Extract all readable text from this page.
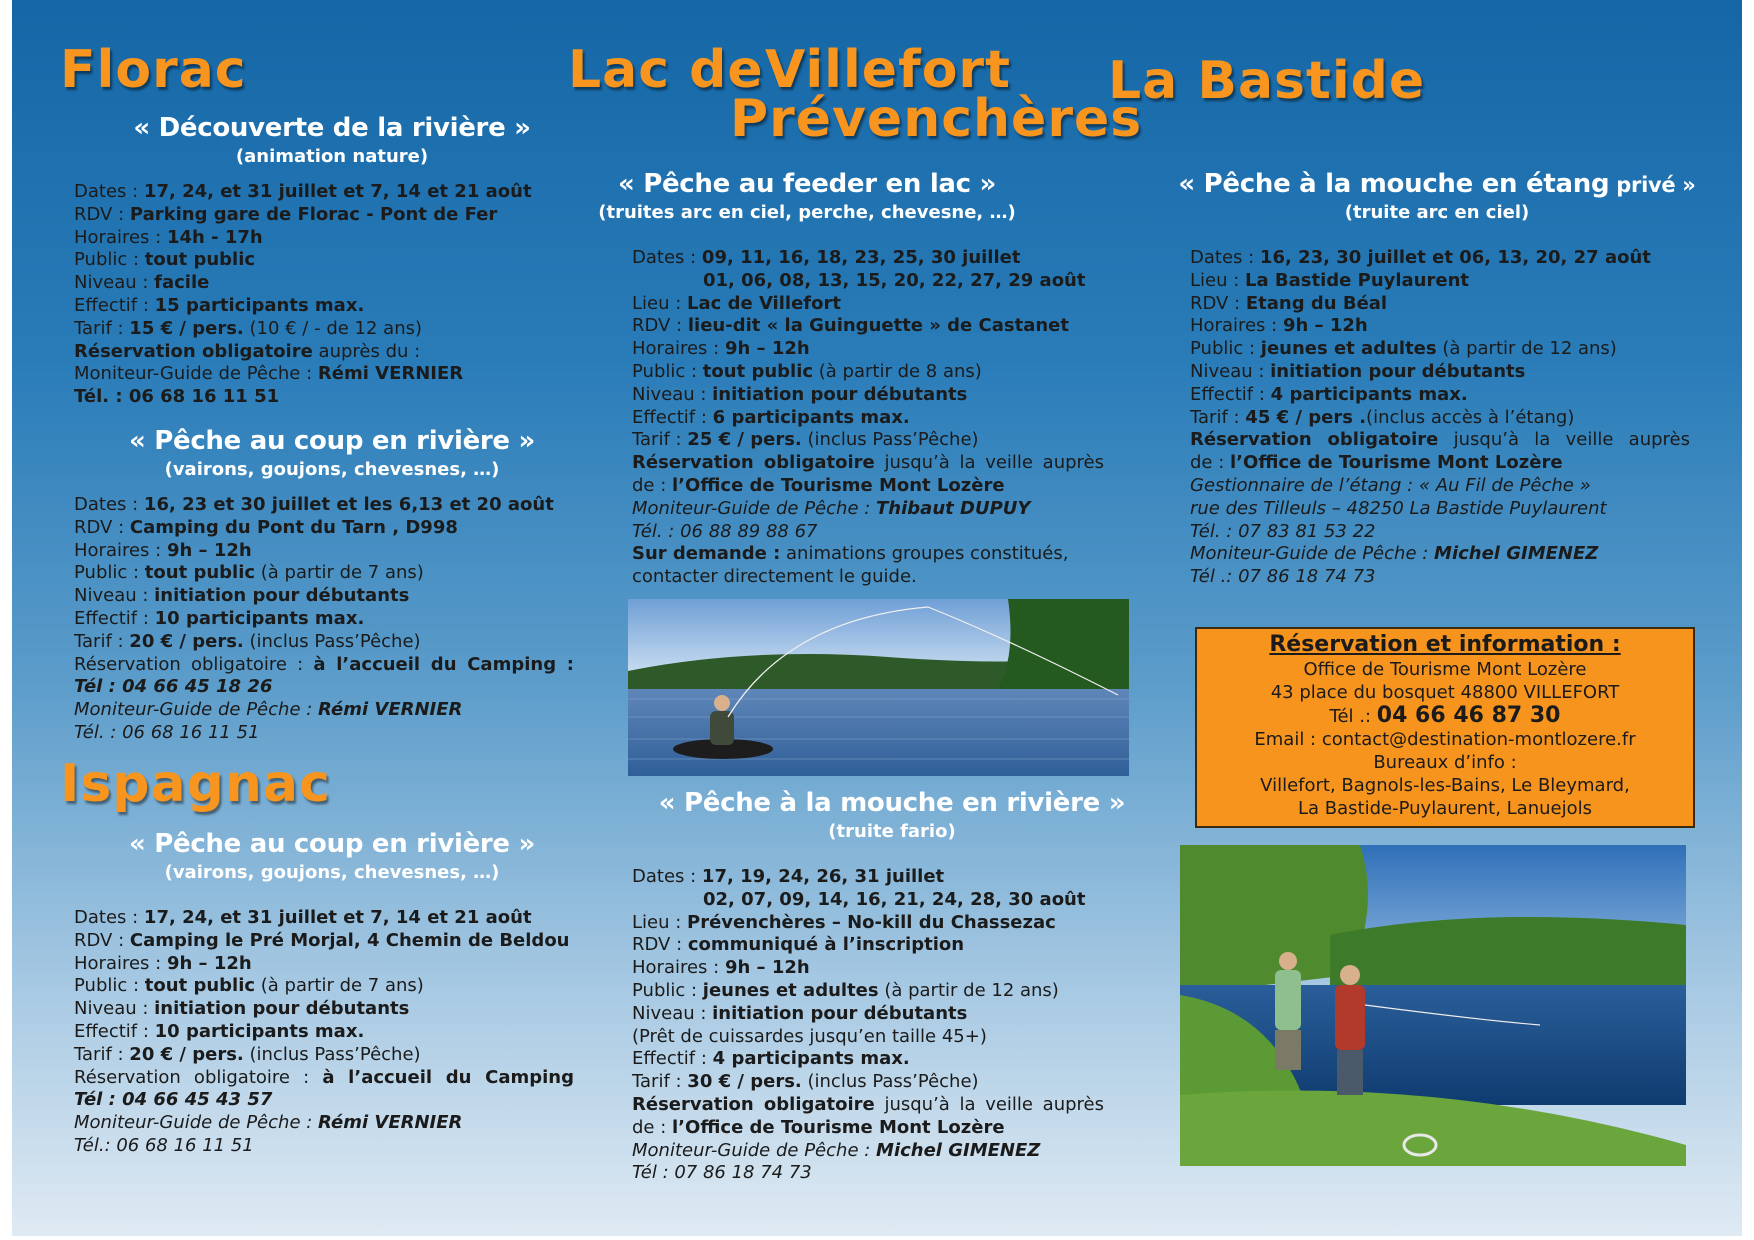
Florac	Lac de Villefort
Prévenchères
La Bastide
Ispagnac
« Découverte de la rivière »
(animation nature)
Dates : 17, 24, et 31 juillet et 7, 14 et 21 août
RDV : Parking gare de Florac - Pont de Fer
Horaires : 14h - 17h
Public : tout public
Niveau : facile
Effectif : 15 participants max.
Tarif : 15 € / pers. (10 € / - de 12 ans)
Réservation obligatoire auprès du :
Moniteur-Guide de Pêche : Rémi VERNIER
Tél. : 06 68 16 11 51
« Pêche au coup en rivière »
(vairons, goujons, chevesnes, …)
Dates : 16, 23 et 30 juillet et les 6,13 et 20 août
RDV : Camping du Pont du Tarn , D998
Horaires : 9h – 12h
Public : tout public (à partir de 7 ans)
Niveau : initiation pour débutants
Effectif : 10 participants max.
Tarif : 20 € / pers. (inclus Pass’Pêche)
Réservation obligatoire : à l’accueil du Camping :
Tél : 04 66 45 18 26
Moniteur-Guide de Pêche : Rémi VERNIER
Tél. : 06 68 16 11 51
« Pêche au coup en rivière »
(vairons, goujons, chevesnes, …)
Dates : 17, 24, et 31 juillet et 7, 14 et 21 août
RDV : Camping le Pré Morjal, 4 Chemin de Beldou
Horaires : 9h – 12h
Public : tout public (à partir de 7 ans)
Niveau : initiation pour débutants
Effectif : 10 participants max.
Tarif : 20 € / pers. (inclus Pass’Pêche)
Réservation obligatoire : à l’accueil du Camping
Tél : 04 66 45 43 57
Moniteur-Guide de Pêche : Rémi VERNIER
Tél.: 06 68 16 11 51
« Pêche au feeder en lac »
(truites arc en ciel, perche, chevesne, …)
Dates : 09, 11, 16, 18, 23, 25, 30 juillet
01, 06, 08, 13, 15, 20, 22, 27, 29 août
Lieu : Lac de Villefort
RDV : lieu-dit « la Guinguette » de Castanet
Horaires : 9h – 12h
Public : tout public (à partir de 8 ans)
Niveau : initiation pour débutants
Effectif : 6 participants max.
Tarif : 25 € / pers. (inclus Pass’Pêche)
Réservation obligatoire jusqu’à la veille auprès
de : l’Office de Tourisme Mont Lozère
Moniteur-Guide de Pêche : Thibaut DUPUY
Tél. : 06 88 89 88 67
Sur demande : animations groupes constitués,
contacter directement le guide.
« Pêche à la mouche en rivière »
(truite fario)
Dates : 17, 19, 24, 26, 31 juillet
02, 07, 09, 14, 16, 21, 24, 28, 30 août
Lieu : Prévenchères – No-kill du Chassezac
RDV : communiqué à l’inscription
Horaires : 9h – 12h
Public : jeunes et adultes (à partir de 12 ans)
Niveau : initiation pour débutants
(Prêt de cuissardes jusqu’en taille 45+)
Effectif : 4 participants max.
Tarif : 30 € / pers. (inclus Pass’Pêche)
Réservation obligatoire jusqu’à la veille auprès
de : l’Office de Tourisme Mont Lozère
Moniteur-Guide de Pêche : Michel GIMENEZ
Tél : 07 86 18 74 73
« Pêche à la mouche en étang privé »
(truite arc en ciel)
Dates : 16, 23, 30 juillet et 06, 13, 20, 27 août
Lieu : La Bastide Puylaurent
RDV : Etang du Béal
Horaires : 9h – 12h
Public : jeunes et adultes (à partir de 12 ans)
Niveau : initiation pour débutants
Effectif : 4 participants max.
Tarif : 45 € / pers .(inclus accès à l’étang)
Réservation obligatoire jusqu’à la veille auprès
de : l’Office de Tourisme Mont Lozère
Gestionnaire de l’étang : « Au Fil de Pêche »
rue des Tilleuls – 48250 La Bastide Puylaurent
Tél. : 07 83 81 53 22
Moniteur-Guide de Pêche : Michel GIMENEZ
Tél .: 07 86 18 74 73
Réservation et information :
Office de Tourisme Mont Lozère
43 place du bosquet 48800 VILLEFORT
Tél .: 04 66 46 87 30
Email : contact@destination-montlozere.fr
Bureaux d’info :
Villefort, Bagnols-les-Bains, Le Bleymard,
La Bastide-Puylaurent, Lanuejols
